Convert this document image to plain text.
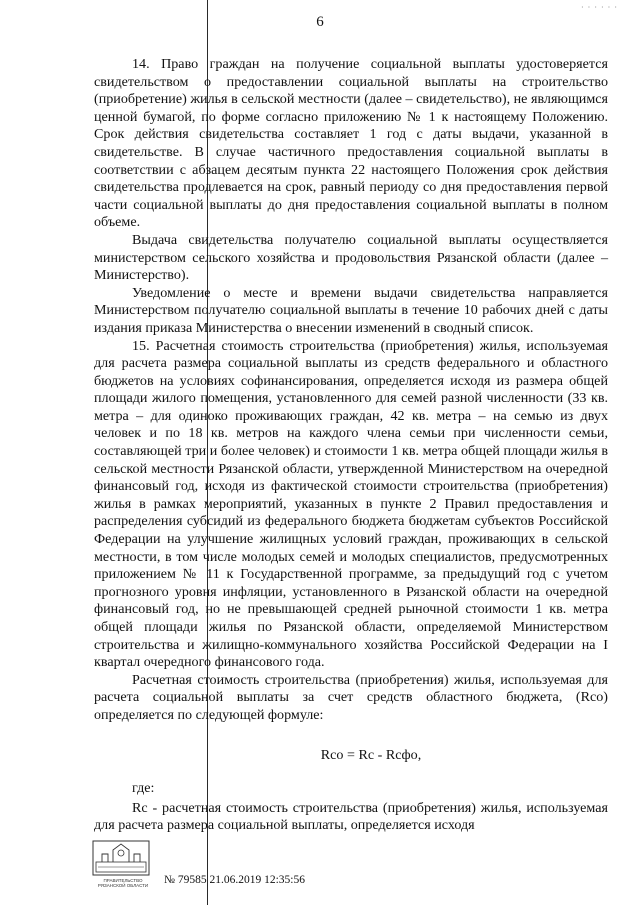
· · · · · ·
6

14. Право граждан на получение социальной выплаты удостоверяется свидетельством о предоставлении социальной выплаты на строительство (приобретение) жилья в сельской местности (далее – свидетельство), не являющимся ценной бумагой, по форме согласно приложению № 1 к настоящему Положению. Срок действия свидетельства составляет 1 год с даты выдачи, указанной в свидетельстве. В случае частичного предоставления социальной выплаты в соответствии с абзацем десятым пункта 22 настоящего Положения срок действия свидетельства продлевается на срок, равный периоду со дня предоставления первой части социальной выплаты до дня предоставления социальной выплаты в полном объеме.

Выдача свидетельства получателю социальной выплаты осуществляется министерством сельского хозяйства и продовольствия Рязанской области (далее – Министерство).

Уведомление о месте и времени выдачи свидетельства направляется Министерством получателю социальной выплаты в течение 10 рабочих дней с даты издания приказа Министерства о внесении изменений в сводный список.

15. Расчетная стоимость строительства (приобретения) жилья, используемая для расчета размера социальной выплаты из средств федерального и областного бюджетов на условиях софинансирования, определяется исходя из размера общей площади жилого помещения, установленного для семей разной численности (33 кв. метра – для одиноко проживающих граждан, 42 кв. метра – на семью из двух человек и по 18 кв. метров на каждого члена семьи при численности семьи, составляющей три и более человек) и стоимости 1 кв. метра общей площади жилья в сельской местности Рязанской области, утвержденной Министерством на очередной финансовый год, исходя из фактической стоимости строительства (приобретения) жилья в рамках мероприятий, указанных в пункте 2 Правил предоставления и распределения субсидий из федерального бюджета бюджетам субъектов Российской Федерации на улучшение жилищных условий граждан, проживающих в сельской местности, в том числе молодых семей и молодых специалистов, предусмотренных приложением № 11 к Государственной программе, за предыдущий год с учетом прогнозного уровня инфляции, установленного в Рязанской области на очередной финансовый год, но не превышающей средней рыночной стоимости 1 кв. метра общей площади жилья по Рязанской области, определяемой Министерством строительства и жилищно-коммунального хозяйства Российской Федерации на I квартал очередного финансового года.

Расчетная стоимость строительства (приобретения) жилья, используемая для расчета социальной выплаты за счет средств областного бюджета, (Rco) определяется по следующей формуле:

Rco = Rc - Rcфо,
где:

Rc - расчетная стоимость строительства (приобретения) жилья, используемая для расчета размера социальной выплаты, определяется исходя

ПРАВИТЕЛЬСТВО РЯЗАНСКОЙ ОБЛАСТИ	№ 79585 21.06.2019 12:35:56
